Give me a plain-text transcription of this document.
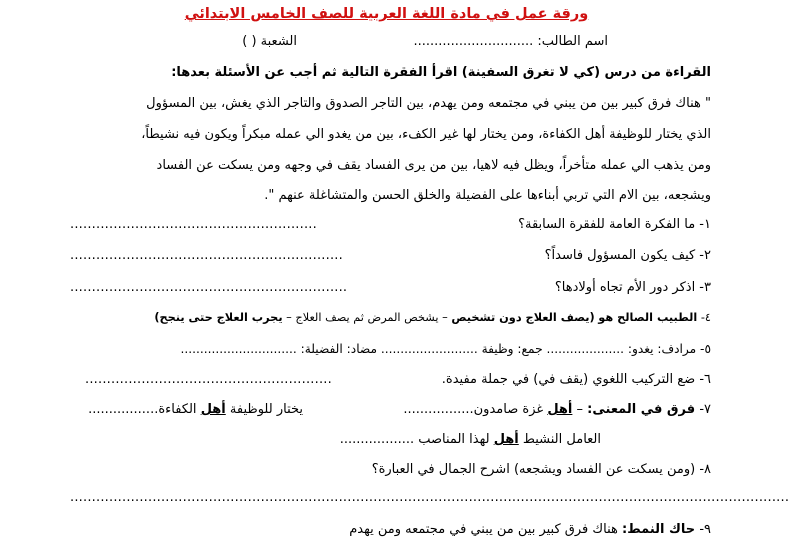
ورقة عمل في مادة اللغة العربية للصف الخامس الابتدائي
اسم الطالب: .............................
الشعبة ( )
القراءة من درس (كي لا تغرق السفينة) اقرأ الفقرة التالية ثم أجب عن الأسئلة بعدها:
" هناك فرق كبير بين من يبني في مجتمعه ومن يهدم، بين التاجر الصدوق والتاجر الذي يغش، بين المسؤول
الذي يختار للوظيفة أهل الكفاءة، ومن يختار لها غير الكفء، بين من يغدو الي عمله مبكراً ويكون فيه نشيطاً،
ومن يذهب الي عمله متأخراً، ويظل فيه لاهيا، بين من يرى الفساد يقف في وجهه ومن يسكت عن الفساد
ويشجعه، بين الام التي تربي أبناءها على الفضيلة والخلق الحسن والمتشاغلة عنهم ".
١- ما الفكرة العامة للفقرة السابقة؟
.........................................................
٢- كيف يكون المسؤول فاسداً؟
...............................................................
٣- اذكر دور الأم تجاه أولادها؟
................................................................
٤- الطبيب الصالح هو (يصف العلاج دون تشخيص – يشخص المرض ثم يصف العلاج – يجرب العلاج حتى ينجح)
٥- مرادف: يغدو: .................... جمع: وظيفة ......................... مضاد: الفضيلة: ..............................
٦- ضع التركيب اللغوي (يقف في) في جملة مفيدة.
.........................................................
٧- فرق في المعنى: – أهل غزة صامدون.................
يختار للوظيفة أهل الكفاءة.................
العامل النشيط أهل لهذا المناصب ..................
٨- (ومن يسكت عن الفساد ويشجعه) اشرح الجمال في العبارة؟
......................................................................................................................................................................
٩- حاك النمط: هناك فرق كبير بين من يبني في مجتمعه ومن يهدم
